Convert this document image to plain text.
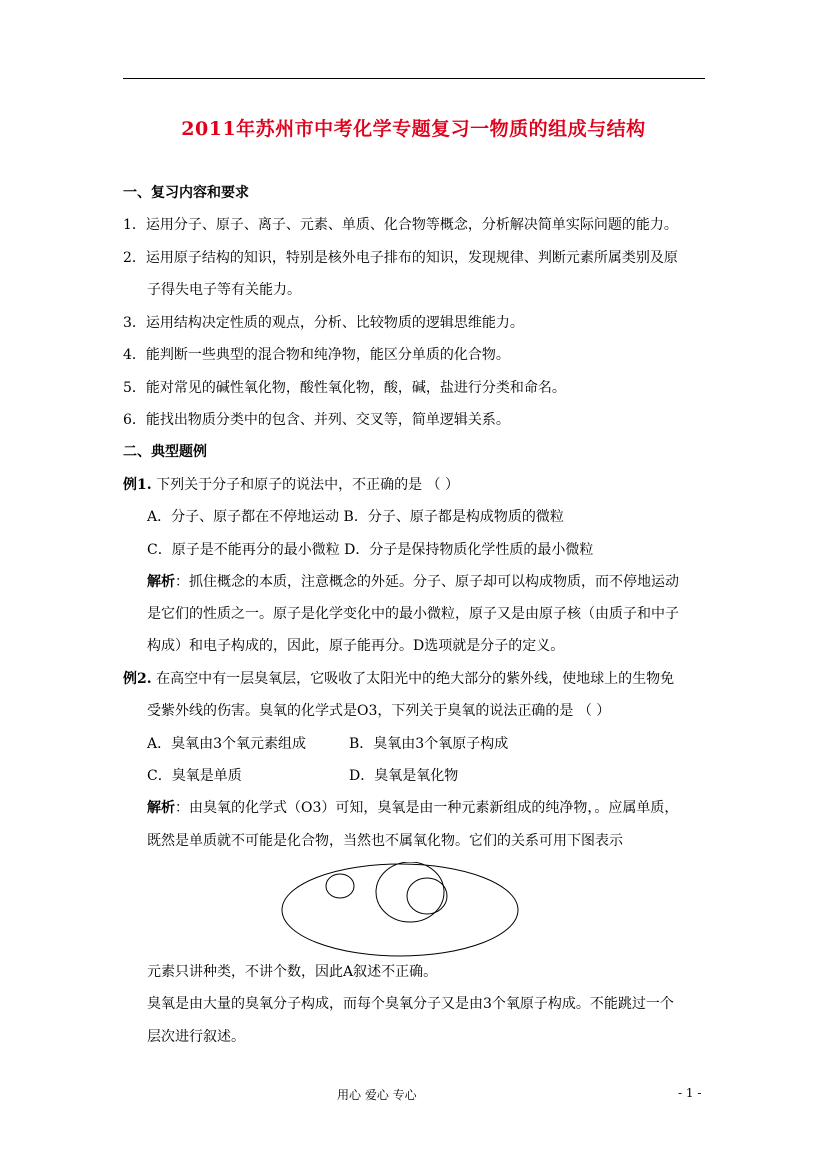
2011年苏州市中考化学专题复习一物质的组成与结构
一、复习内容和要求
1．运用分子、原子、离子、元素、单质、化合物等概念，分析解决简单实际问题的能力。
2．运用原子结构的知识，特别是核外电子排布的知识，发现规律、判断元素所属类别及原
子得失电子等有关能力。
3．运用结构决定性质的观点，分析、比较物质的逻辑思维能力。
4．能判断一些典型的混合物和纯净物，能区分单质的化合物。
5．能对常见的碱性氧化物，酸性氧化物，酸，碱，盐进行分类和命名。
6．能找出物质分类中的包含、并列、交叉等，简单逻辑关系。
二、典型题例
例1. 下列关于分子和原子的说法中，不正确的是 （ ）
A．分子、原子都在不停地运动 B．分子、原子都是构成物质的微粒
C．原子是不能再分的最小微粒 D．分子是保持物质化学性质的最小微粒
解析：抓住概念的本质，注意概念的外延。分子、原子却可以构成物质，而不停地运动
是它们的性质之一。原子是化学变化中的最小微粒，原子又是由原子核（由质子和中子
构成）和电子构成的，因此，原子能再分。D选项就是分子的定义。
例2. 在高空中有一层臭氧层，它吸收了太阳光中的绝大部分的紫外线，使地球上的生物免
受紫外线的伤害。臭氧的化学式是O3，下列关于臭氧的说法正确的是 （ ）
A．臭氧由3个氧元素组成	B．臭氧由3个氧原子构成
C．臭氧是单质	D．臭氧是氧化物
解析：由臭氧的化学式（O3）可知，臭氧是由一种元素新组成的纯净物，。应属单质，
既然是单质就不可能是化合物，当然也不属氧化物。它们的关系可用下图表示
元素只讲种类，不讲个数，因此A叙述不正确。
臭氧是由大量的臭氧分子构成，而每个臭氧分子又是由3个氧原子构成。不能跳过一个
层次进行叙述。
用心 爱心 专心	- 1 -
